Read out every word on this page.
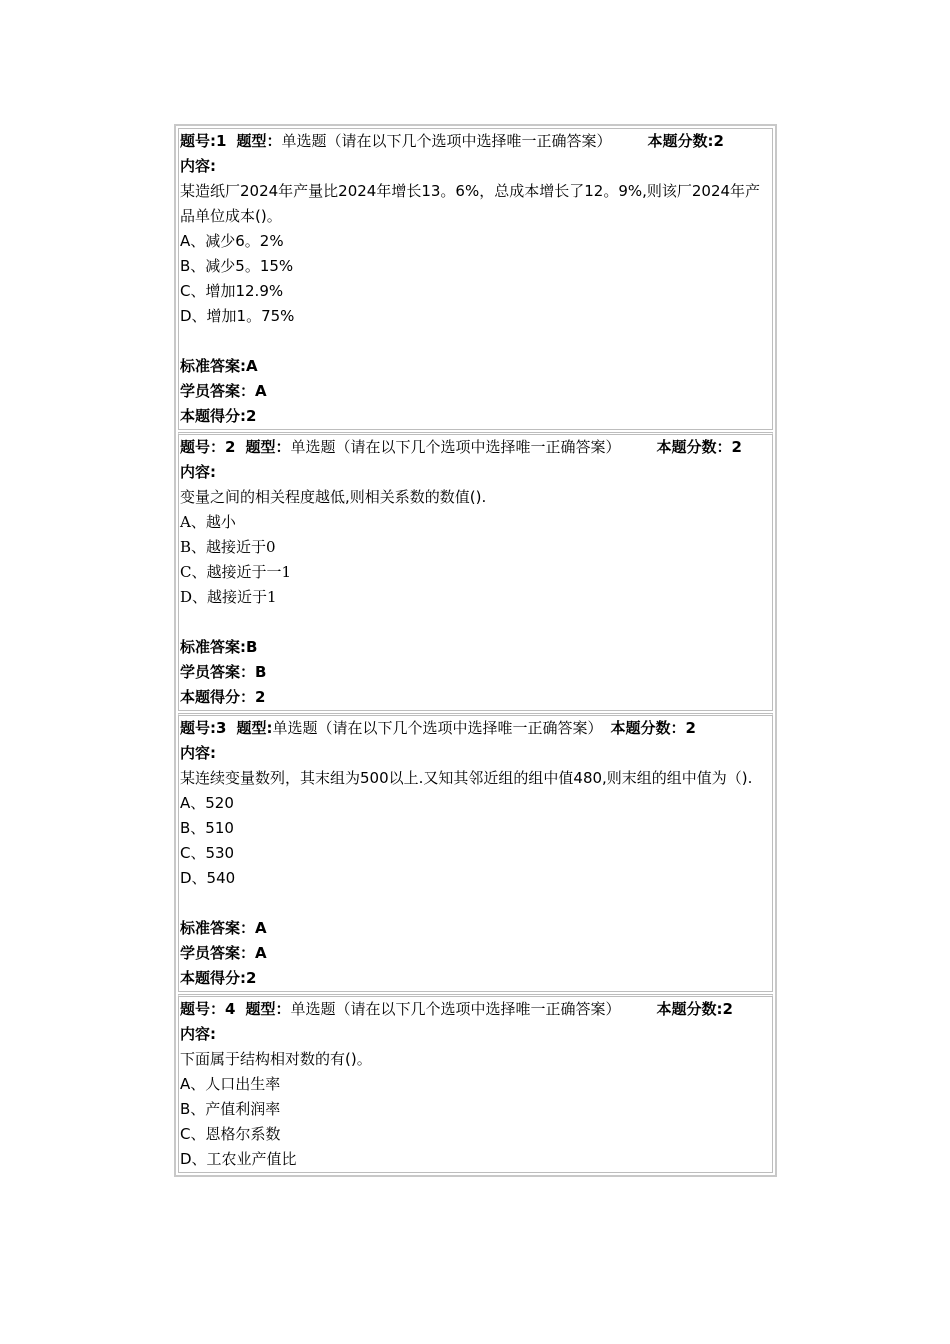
题号:1 题型： 单选题（请在以下几个选项中选择唯一正确答案） 本题分数:2
内容:
某造纸厂2024年产量比2024年增长13。6%，总成本增长了12。9%,则该厂2024年产品单位成本()。
A、减少6。2%
B、减少5。15%
C、增加12.9%
D、增加1。75%
标准答案:A
学员答案：A
本题得分:2
题号：2 题型： 单选题（请在以下几个选项中选择唯一正确答案） 本题分数：2
内容:
变量之间的相关程度越低,则相关系数的数值().
A、越小
B、越接近于0
C、越接近于一1
D、越接近于1
标准答案:B
学员答案：B
本题得分：2
题号:3 题型: 单选题（请在以下几个选项中选择唯一正确答案） 本题分数：2
内容:
某连续变量数列，其末组为500以上.又知其邻近组的组中值480,则末组的组中值为（).
A、520
B、510
C、530
D、540
标准答案：A
学员答案：A
本题得分:2
题号：4 题型： 单选题（请在以下几个选项中选择唯一正确答案） 本题分数:2
内容:
下面属于结构相对数的有()。
A、人口出生率
B、产值利润率
C、恩格尔系数
D、工农业产值比
